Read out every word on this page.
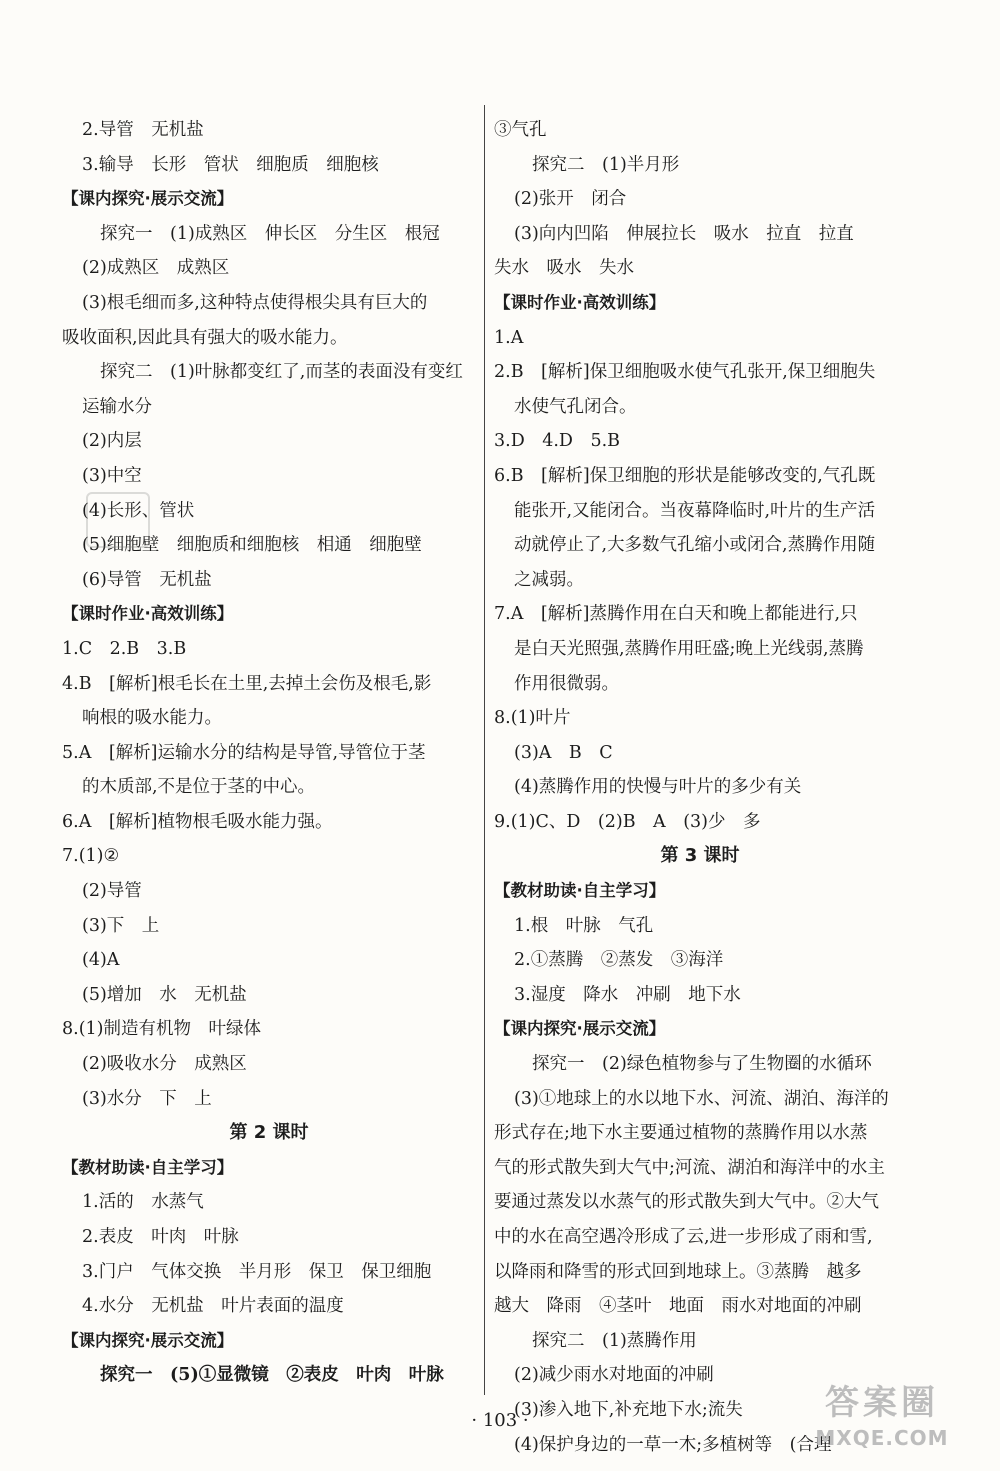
2.导管　无机盐
3.输导　长形　管状　细胞质　细胞核
【课内探究·展示交流】
探究一　(1)成熟区　伸长区　分生区　根冠
(2)成熟区　成熟区
(3)根毛细而多,这种特点使得根尖具有巨大的
吸收面积,因此具有强大的吸水能力。
探究二　(1)叶脉都变红了,而茎的表面没有变红
运输水分
(2)内层
(3)中空
(4)长形、管状
(5)细胞壁　细胞质和细胞核　相通　细胞壁
(6)导管　无机盐
【课时作业·高效训练】
1.C　2.B　3.B
4.B　[解析]根毛长在土里,去掉土会伤及根毛,影
响根的吸水能力。
5.A　[解析]运输水分的结构是导管,导管位于茎
的木质部,不是位于茎的中心。
6.A　[解析]植物根毛吸水能力强。
7.(1)②
(2)导管
(3)下　上
(4)A
(5)增加　水　无机盐
8.(1)制造有机物　叶绿体
(2)吸收水分　成熟区
(3)水分　下　上
第 2 课时
【教材助读·自主学习】
1.活的　水蒸气
2.表皮　叶肉　叶脉
3.门户　气体交换　半月形　保卫　保卫细胞
4.水分　无机盐　叶片表面的温度
【课内探究·展示交流】
探究一　(5)①显微镜　②表皮　叶肉　叶脉
③气孔
探究二　(1)半月形
(2)张开　闭合
(3)向内凹陷　伸展拉长　吸水　拉直　拉直
失水　吸水　失水
【课时作业·高效训练】
1.A
2.B　[解析]保卫细胞吸水使气孔张开,保卫细胞失
水使气孔闭合。
3.D　4.D　5.B
6.B　[解析]保卫细胞的形状是能够改变的,气孔既
能张开,又能闭合。当夜幕降临时,叶片的生产活
动就停止了,大多数气孔缩小或闭合,蒸腾作用随
之减弱。
7.A　[解析]蒸腾作用在白天和晚上都能进行,只
是白天光照强,蒸腾作用旺盛;晚上光线弱,蒸腾
作用很微弱。
8.(1)叶片
(3)A　B　C
(4)蒸腾作用的快慢与叶片的多少有关
9.(1)C、D　(2)B　A　(3)少　多
第 3 课时
【教材助读·自主学习】
1.根　叶脉　气孔
2.①蒸腾　②蒸发　③海洋
3.湿度　降水　冲刷　地下水
【课内探究·展示交流】
探究一　(2)绿色植物参与了生物圈的水循环
(3)①地球上的水以地下水、河流、湖泊、海洋的
形式存在;地下水主要通过植物的蒸腾作用以水蒸
气的形式散失到大气中;河流、湖泊和海洋中的水主
要通过蒸发以水蒸气的形式散失到大气中。②大气
中的水在高空遇冷形成了云,进一步形成了雨和雪,
以降雨和降雪的形式回到地球上。③蒸腾　越多
越大　降雨　④茎叶　地面　雨水对地面的冲刷
探究二　(1)蒸腾作用
(2)减少雨水对地面的冲刷
(3)渗入地下,补充地下水;流失
(4)保护身边的一草一木;多植树等　(合理
· 103 ·	答案圈
MXQE.COM
